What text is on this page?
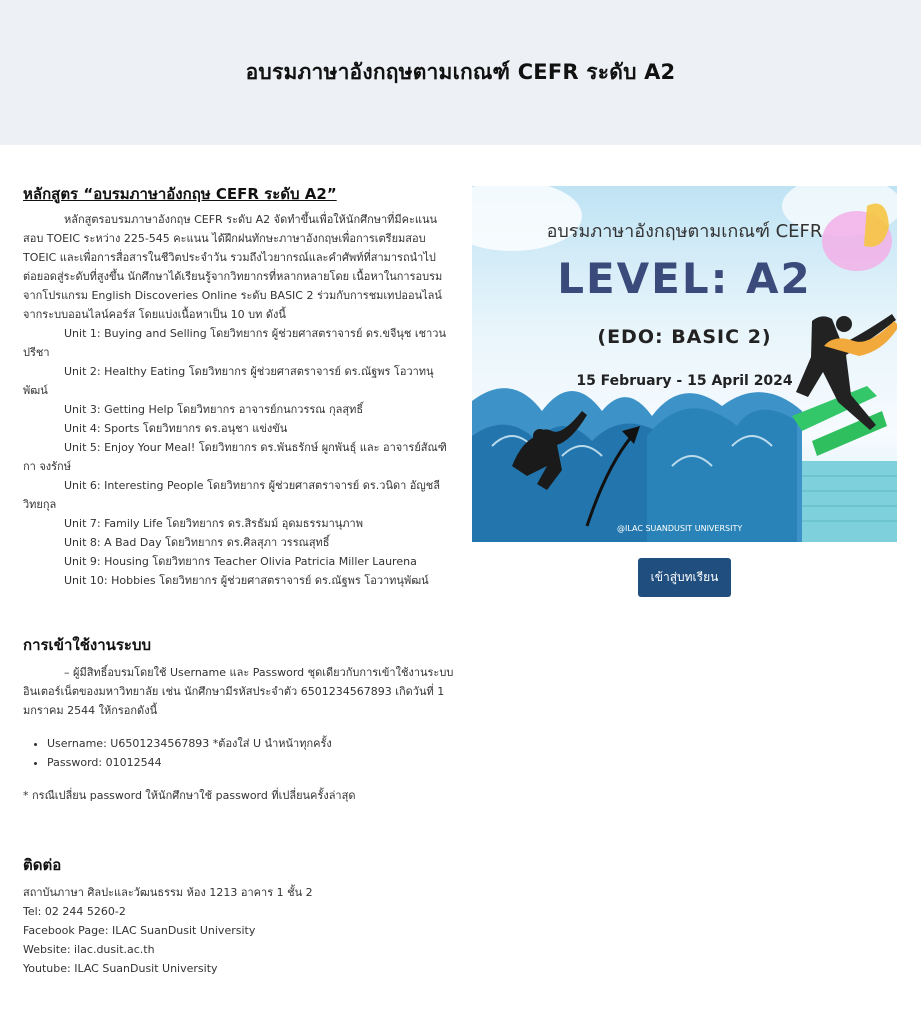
อบรมภาษาอังกฤษตามเกณฑ์ CEFR ระดับ A2
หลักสูตร “อบรมภาษาอังกฤษ CEFR ระดับ A2”

หลักสูตรอบรมภาษาอังกฤษ CEFR ระดับ A2 จัดทำขึ้นเพื่อให้นักศึกษาที่มีคะแนนสอบ TOEIC ระหว่าง 225-545 คะแนน ได้ฝึกฝนทักษะภาษาอังกฤษเพื่อการเตรียมสอบ TOEIC และเพื่อการสื่อสารในชีวิตประจำวัน รวมถึงไวยากรณ์และคำศัพท์ที่สามารถนำไปต่อยอดสู่ระดับที่สูงขึ้น นักศึกษาได้เรียนรู้จากวิทยากรที่หลากหลายโดย เนื้อหาในการอบรมจากโปรแกรม English Discoveries Online ระดับ BASIC 2 ร่วมกับการชมเทปออนไลน์จากระบบออนไลน์คอร์ส โดยแบ่งเนื้อหาเป็น 10 บท ดังนี้

Unit 1: Buying and Selling โดยวิทยากร ผู้ช่วยศาสตราจารย์ ดร.ขจีนุช เชาวนปรีชา

Unit 2: Healthy Eating โดยวิทยากร ผู้ช่วยศาสตราจารย์ ดร.ณัฐพร โอวาทนุพัฒน์

Unit 3: Getting Help โดยวิทยากร อาจารย์กนกวรรณ กุลสุทธิ์

Unit 4: Sports โดยวิทยากร ดร.อนุชา แข่งขัน

Unit 5: Enjoy Your Meal! โดยวิทยากร ดร.พันธรักษ์ ผูกพันธุ์ และ อาจารย์สัณฑิกา จงรักษ์

Unit 6: Interesting People โดยวิทยากร ผู้ช่วยศาสตราจารย์ ดร.วนิดา อัญชลีวิทยกุล

Unit 7: Family Life โดยวิทยากร ดร.สิรธัมม์ อุดมธรรมานุภาพ

Unit 8: A Bad Day โดยวิทยากร ดร.ศิลสุภา วรรณสุทธิ์

Unit 9: Housing โดยวิทยากร Teacher Olivia Patricia Miller Laurena

Unit 10: Hobbies โดยวิทยากร ผู้ช่วยศาสตราจารย์ ดร.ณัฐพร โอวาทนุพัฒน์

การเข้าใช้งานระบบ

– ผู้มีสิทธิ์อบรมโดยใช้ Username และ Password ชุดเดียวกับการเข้าใช้งานระบบอินเตอร์เน็ตของมหาวิทยาลัย เช่น นักศึกษามีรหัสประจำตัว 6501234567893 เกิดวันที่ 1 มกราคม 2544 ให้กรอกดังนี้

• Username: U6501234567893 *ต้องใส่ U นำหน้าทุกครั้ง
• Password: 01012544

* กรณีเปลี่ยน password ให้นักศึกษาใช้ password ที่เปลี่ยนครั้งล่าสุด

ติดต่อ
สถาบันภาษา ศิลปะและวัฒนธรรม ห้อง 1213 อาคาร 1 ชั้น 2
Tel: 02 244 5260-2
Facebook Page: ILAC SuanDusit University
Website: ilac.dusit.ac.th
Youtube: ILAC SuanDusit University
อบรมภาษาอังกฤษตามเกณฑ์ CEFR
LEVEL: A2
(EDO: BASIC 2)
15 February - 15 April 2024
@ILAC SUANDUSIT UNIVERSITY
เข้าสู่บทเรียน
